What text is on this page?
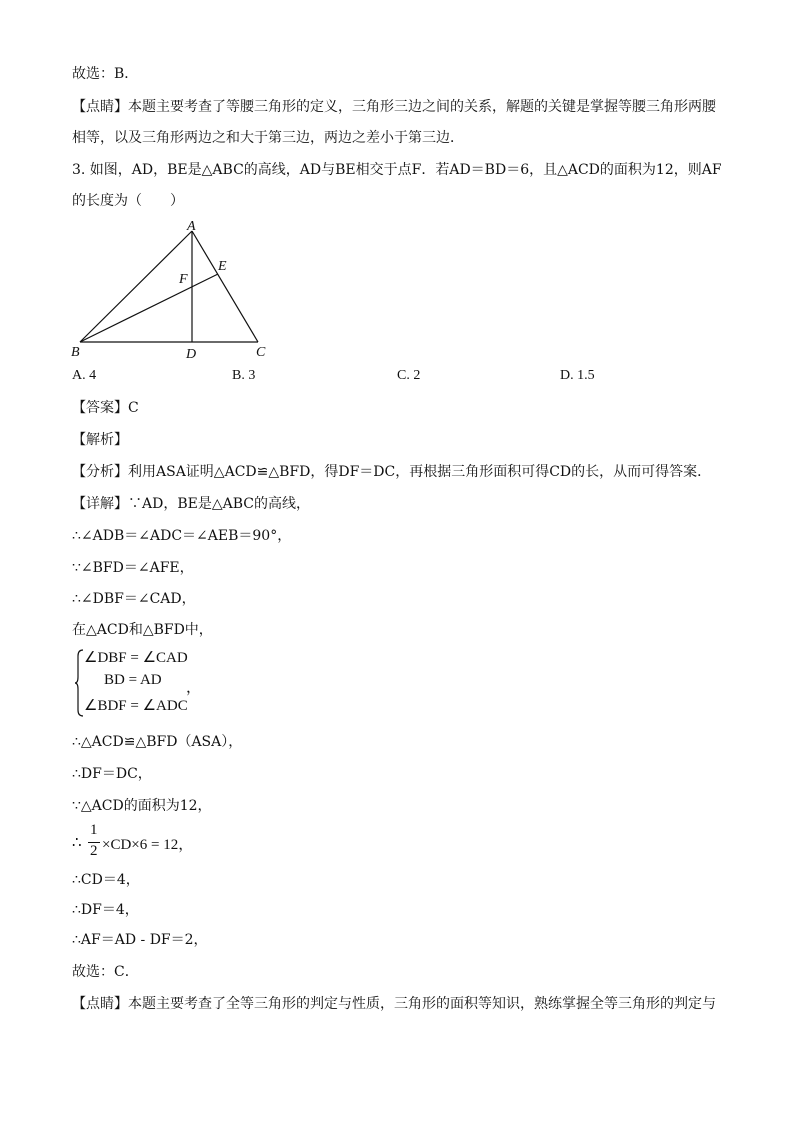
故选：B．
【点睛】本题主要考查了等腰三角形的定义，三角形三边之间的关系，解题的关键是掌握等腰三角形两腰
相等，以及三角形两边之和大于第三边，两边之差小于第三边．
3. 如图，AD，BE是△ABC的高线，AD与BE相交于点F．若AD＝BD＝6，且△ACD的面积为12，则AF
的长度为（　　）
A
E
F
B	D	C
A. 4	B. 3	C. 2	D. 1.5
【答案】C
【解析】
【分析】利用ASA证明△ACD≌△BFD，得DF＝DC，再根据三角形面积可得CD的长，从而可得答案．
【详解】∵AD，BE是△ABC的高线，
∴∠ADB＝∠ADC＝∠AEB＝90°，
∵∠BFD＝∠AFE，
∴∠DBF＝∠CAD，
在△ACD和△BFD中，
∠DBF = ∠CAD
BD = AD ，
∠BDF = ∠ADC
∴△ACD≌△BFD（ASA），
∴DF＝DC，
∵△ACD的面积为12，
∴
1
2 ×CD×6 = 12，
∴CD＝4，
∴DF＝4，
∴AF＝AD - DF＝2，
故选：C．
【点睛】本题主要考查了全等三角形的判定与性质，三角形的面积等知识，熟练掌握全等三角形的判定与
